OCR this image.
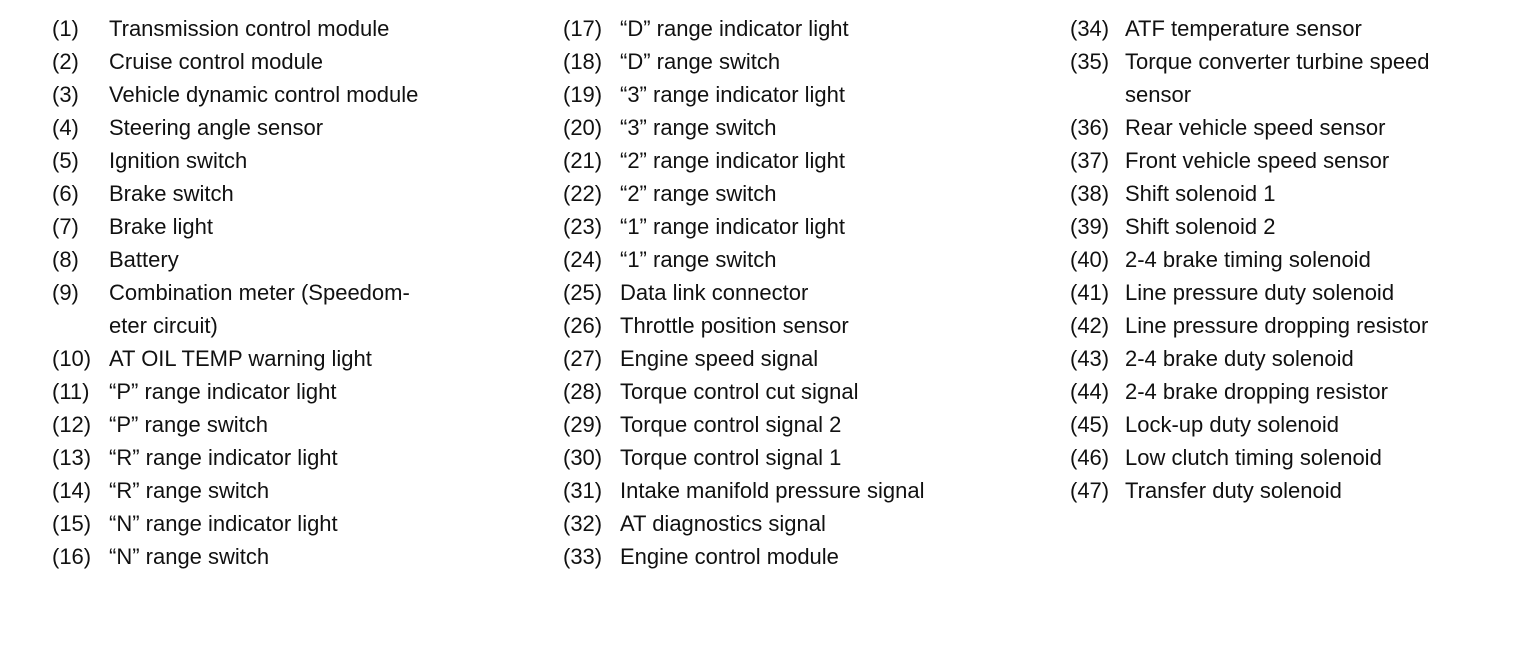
(1)	Transmission control module
(2)	Cruise control module
(3)	Vehicle dynamic control module
(4)	Steering angle sensor
(5)	Ignition switch
(6)	Brake switch
(7)	Brake light
(8)	Battery
(9)	Combination meter (Speedom-
eter circuit)
(10) AT OIL TEMP warning light
(11) “P” range indicator light
(12) “P” range switch
(13) “R” range indicator light
(14) “R” range switch
(15) “N” range indicator light
(16) “N” range switch
(17) “D” range indicator light
(18) “D” range switch
(19) “3” range indicator light
(20) “3” range switch
(21) “2” range indicator light
(22) “2” range switch
(23) “1” range indicator light
(24) “1” range switch
(25) Data link connector
(26) Throttle position sensor
(27) Engine speed signal
(28) Torque control cut signal
(29) Torque control signal 2
(30) Torque control signal 1
(31) Intake manifold pressure signal
(32) AT diagnostics signal
(33) Engine control module
(34) ATF temperature sensor
(35) Torque converter turbine speed
sensor
(36) Rear vehicle speed sensor
(37) Front vehicle speed sensor
(38) Shift solenoid 1
(39) Shift solenoid 2
(40) 2-4 brake timing solenoid
(41) Line pressure duty solenoid
(42) Line pressure dropping resistor
(43) 2-4 brake duty solenoid
(44) 2-4 brake dropping resistor
(45) Lock-up duty solenoid
(46) Low clutch timing solenoid
(47) Transfer duty solenoid
